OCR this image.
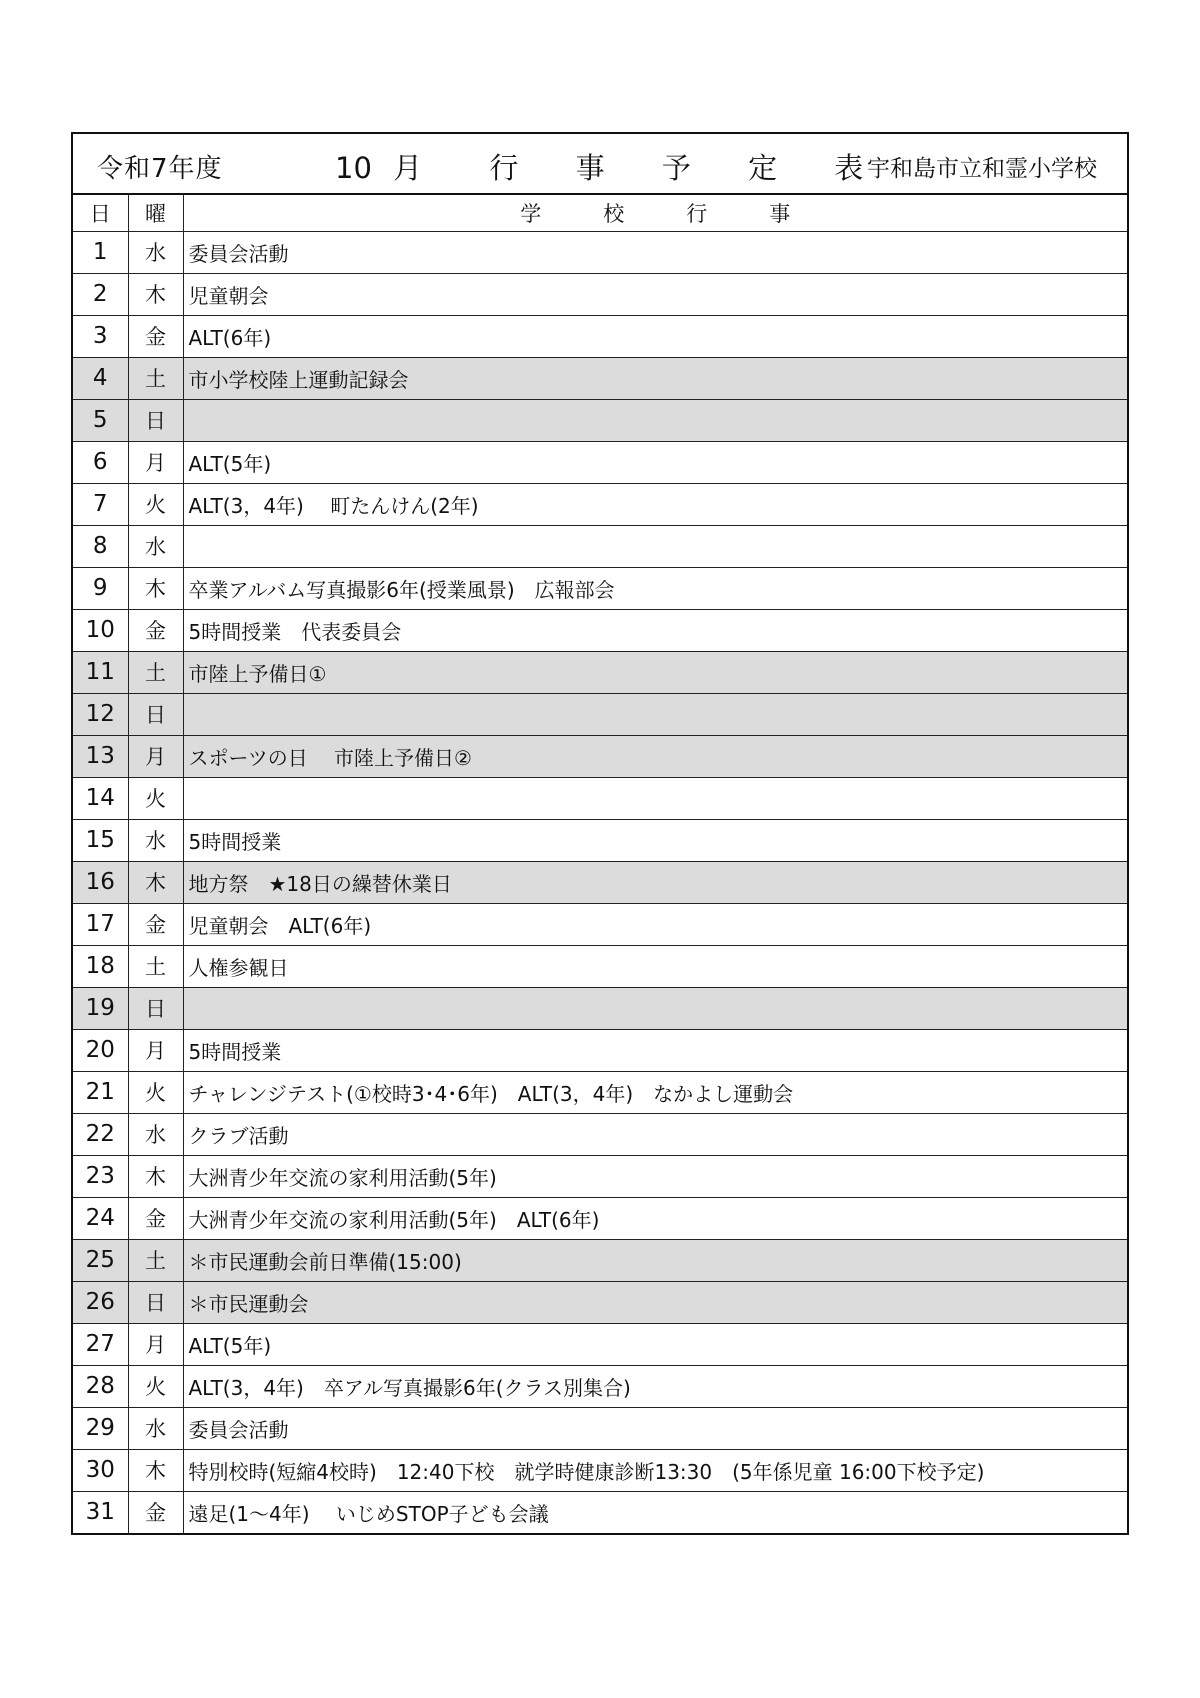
令和7年度	10 月 行 事 予 定 表 宇和島市立和霊小学校
日	曜	学 校 行 事
1	水	委員会活動
2	木	児童朝会
3	金	ALT(6年)
4	土	市小学校陸上運動記録会
5	日	
6	月	ALT(5年)
7	火	ALT(3，4年)　 町たんけん(2年)
8	水	
9	木	卒業アルバム写真撮影6年(授業風景)　広報部会
10	金	5時間授業　代表委員会
11	土	市陸上予備日①
12	日	
13	月	スポーツの日　 市陸上予備日②
14	火	
15	水	5時間授業
16	木	地方祭　★18日の繰替休業日
17	金	児童朝会　ALT(6年)
18	土	人権参観日
19	日	
20	月	5時間授業
21	火	チャレンジテスト(①校時3･4･6年)　ALT(3，4年)　なかよし運動会
22	水	クラブ活動
23	木	大洲青少年交流の家利用活動(5年)
24	金	大洲青少年交流の家利用活動(5年)　ALT(6年)
25	土	＊市民運動会前日準備(15:00)
26	日	＊市民運動会
27	月	ALT(5年)
28	火	ALT(3，4年)　卒アル写真撮影6年(クラス別集合)
29	水	委員会活動
30	木	特別校時(短縮4校時)　12:40下校　就学時健康診断13:30　(5年係児童 16:00下校予定)
31	金	遠足(1～4年)　 いじめSTOP子ども会議
